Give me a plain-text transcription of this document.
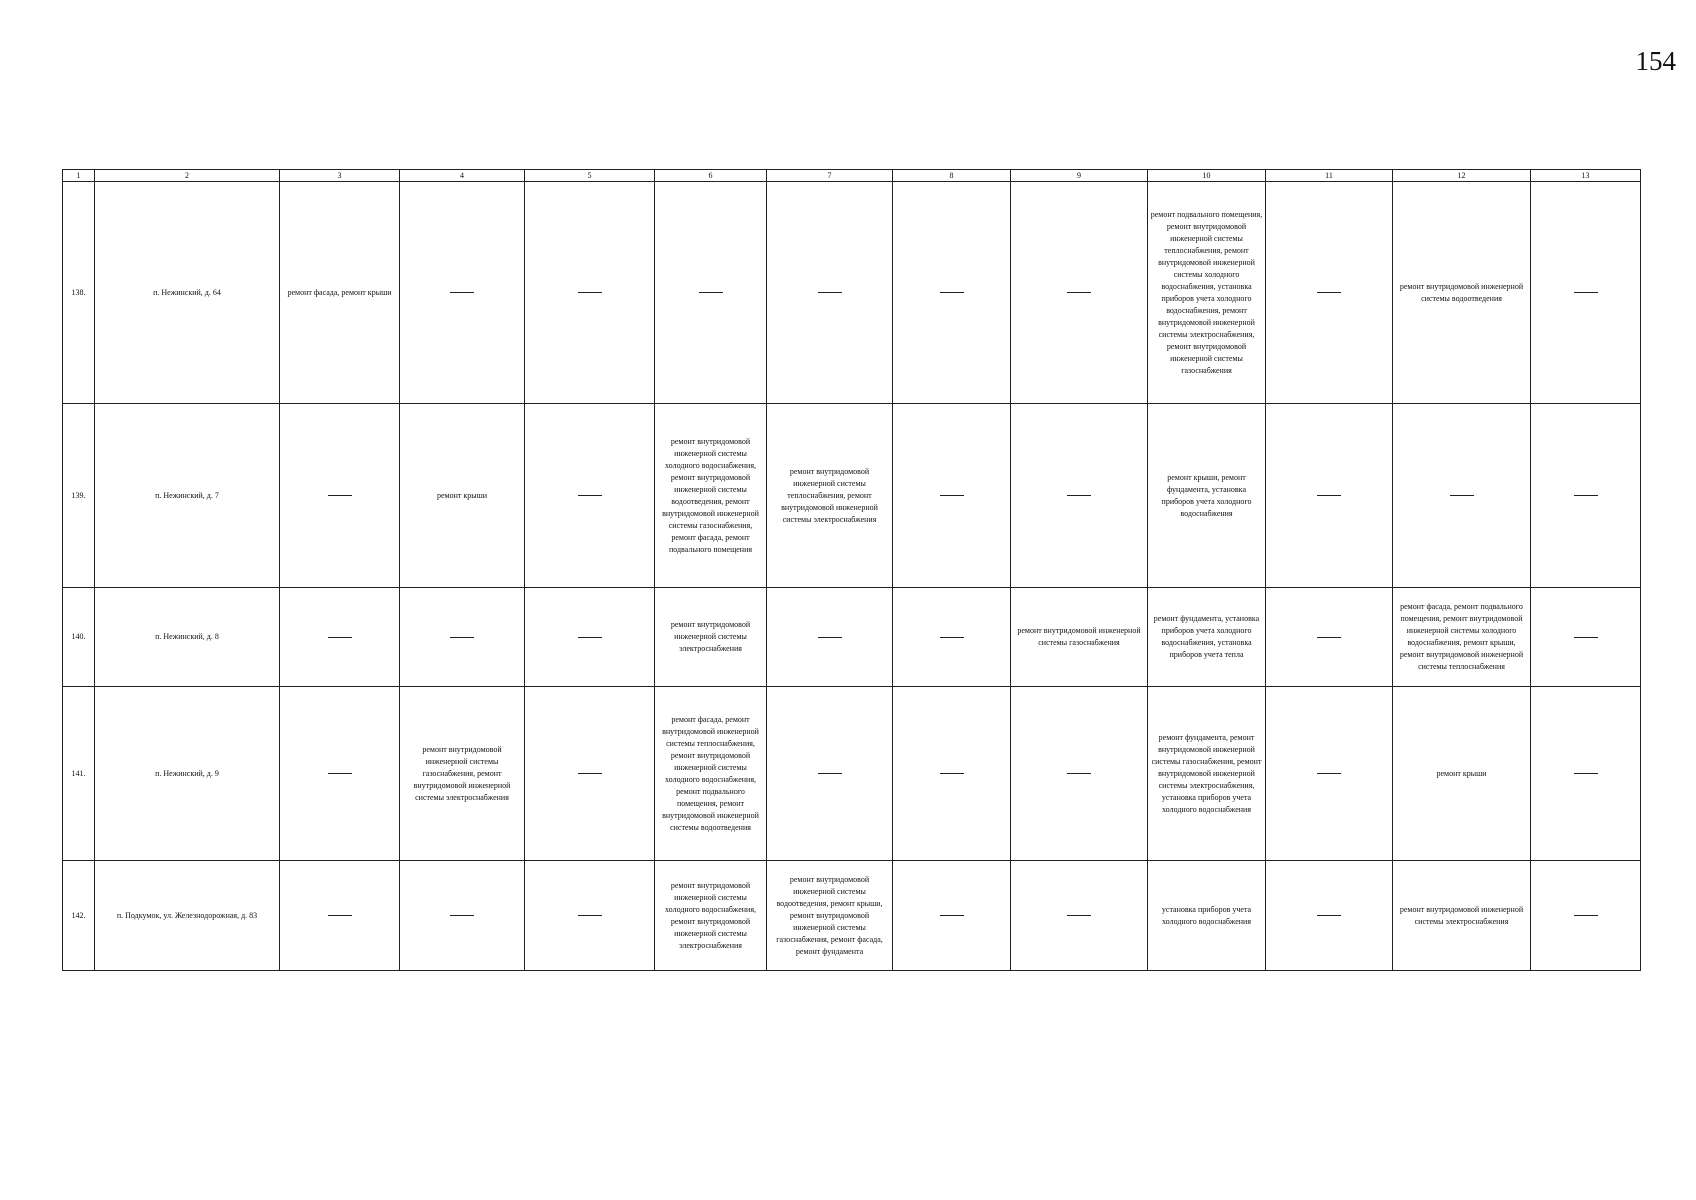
154
1	2	3	4	5	6	7	8	9	10	11	12	13
138.	п. Нежинский, д. 64	ремонт фасада, ремонт крыши							ремонт подвального помещения, ремонт внутридомовой инженерной системы теплоснабжения, ремонт внутридомовой инженерной системы холодного водоснабжения, установка приборов учета холодного водоснабжения, ремонт внутридомовой инженерной системы электроснабжения, ремонт внутридомовой инженерной системы газоснабжения		ремонт внутридомовой инженерной системы водоотведения	
139.	п. Нежинский, д. 7		ремонт крыши		ремонт внутридомовой инженерной системы холодного водоснабжения, ремонт внутридомовой инженерной системы водоотведения, ремонт внутридомовой инженерной системы газоснабжения, ремонт фасада, ремонт подвального помещения	ремонт внутридомовой инженерной системы теплоснабжения, ремонт внутридомовой инженерной системы электроснабжения			ремонт крыши, ремонт фундамента, установка приборов учета холодного водоснабжения			
140.	п. Нежинский, д. 8				ремонт внутридомовой инженерной системы электроснабжения			ремонт внутридомовой инженерной системы газоснабжения	ремонт фундамента, установка приборов учета холодного водоснабжения, установка приборов учета тепла		ремонт фасада, ремонт подвального помещения, ремонт внутридомовой инженерной системы холодного водоснабжения, ремонт крыши, ремонт внутридомовой инженерной системы теплоснабжения	
141.	п. Нежинский, д. 9		ремонт внутридомовой инженерной системы газоснабжения, ремонт внутридомовой инженерной системы электроснабжения		ремонт фасада, ремонт внутридомовой инженерной системы теплоснабжения, ремонт внутридомовой инженерной системы холодного водоснабжения, ремонт подвального помещения, ремонт внутридомовой инженерной системы водоотведения				ремонт фундамента, ремонт внутридомовой инженерной системы газоснабжения, ремонт внутридомовой инженерной системы электроснабжения, установка приборов учета холодного водоснабжения		ремонт крыши	
142.	п. Подкумок, ул. Железнодорожная, д. 83				ремонт внутридомовой инженерной системы холодного водоснабжения, ремонт внутридомовой инженерной системы электроснабжения	ремонт внутридомовой инженерной системы водоотведения, ремонт крыши, ремонт внутридомовой инженерной системы газоснабжения, ремонт фасада, ремонт фундамента			установка приборов учета холодного водоснабжения		ремонт внутридомовой инженерной системы электроснабжения	
